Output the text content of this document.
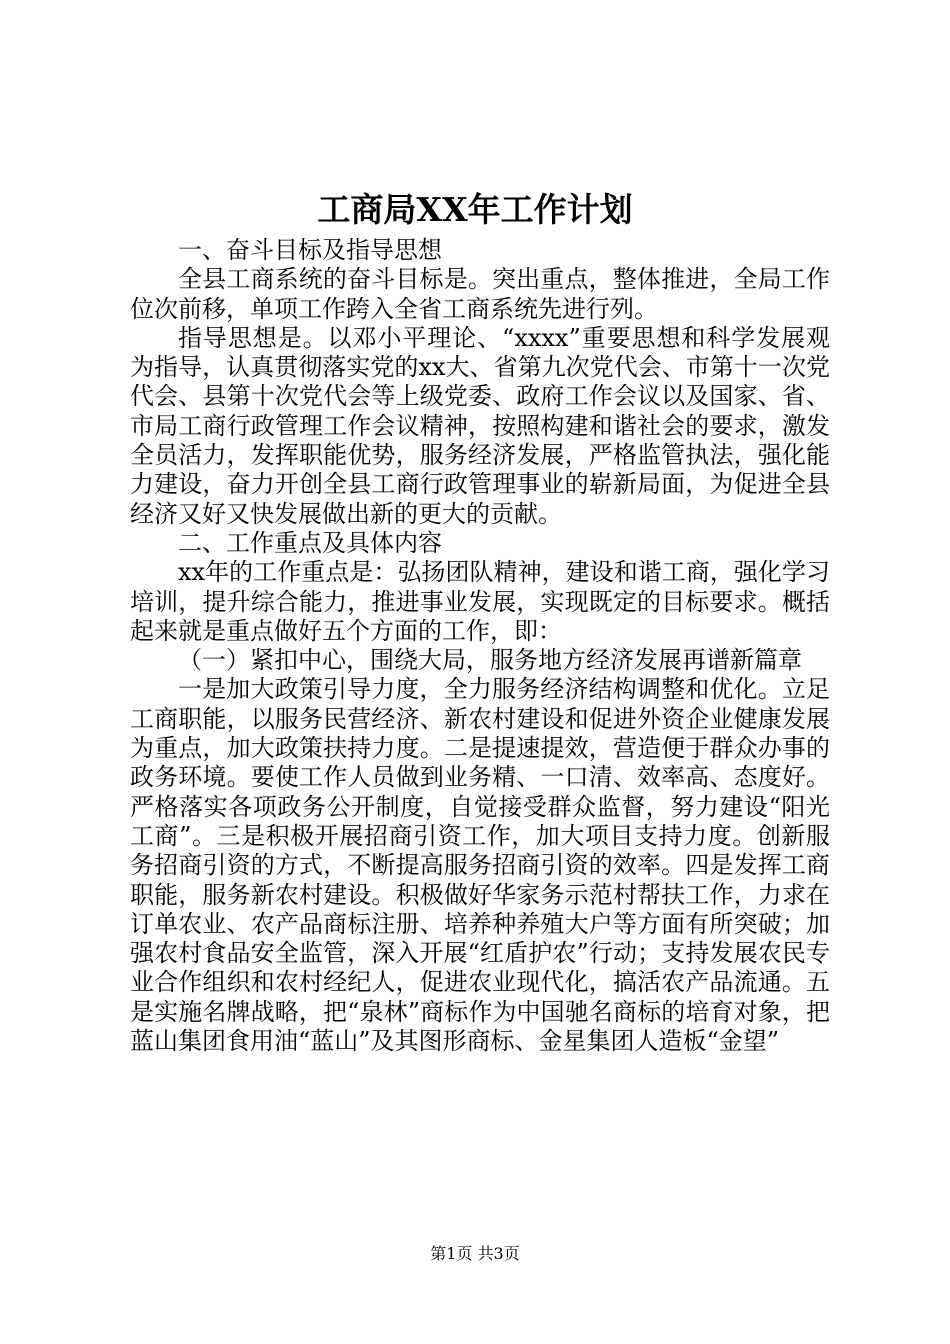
工商局XX年工作计划

一、奋斗目标及指导思想

全县工商系统的奋斗目标是。突出重点，整体推进，全局工作位次前移，单项工作跨入全省工商系统先进行列。

指导思想是。以邓小平理论、“xxxx”重要思想和科学发展观为指导，认真贯彻落实党的xx大、省第九次党代会、市第十一次党代会、县第十次党代会等上级党委、政府工作会议以及国家、省、市局工商行政管理工作会议精神，按照构建和谐社会的要求，激发全员活力，发挥职能优势，服务经济发展，严格监管执法，强化能力建设，奋力开创全县工商行政管理事业的崭新局面，为促进全县经济又好又快发展做出新的更大的贡献。

二、工作重点及具体内容

xx年的工作重点是：弘扬团队精神，建设和谐工商，强化学习培训，提升综合能力，推进事业发展，实现既定的目标要求。概括起来就是重点做好五个方面的工作，即：

（一）紧扣中心，围绕大局，服务地方经济发展再谱新篇章

一是加大政策引导力度，全力服务经济结构调整和优化。立足工商职能，以服务民营经济、新农村建设和促进外资企业健康发展为重点，加大政策扶持力度。二是提速提效，营造便于群众办事的政务环境。要使工作人员做到业务精、一口清、效率高、态度好。严格落实各项政务公开制度，自觉接受群众监督，努力建设“阳光工商”。三是积极开展招商引资工作，加大项目支持力度。创新服务招商引资的方式，不断提高服务招商引资的效率。四是发挥工商职能，服务新农村建设。积极做好华家务示范村帮扶工作，力求在订单农业、农产品商标注册、培养种养殖大户等方面有所突破；加强农村食品安全监管，深入开展“红盾护农”行动；支持发展农民专业合作组织和农村经纪人，促进农业现代化，搞活农产品流通。五是实施名牌战略，把“泉林”商标作为中国驰名商标的培育对象，把蓝山集团食用油“蓝山”及其图形商标、金星集团人造板“金望”

第1页 共3页
